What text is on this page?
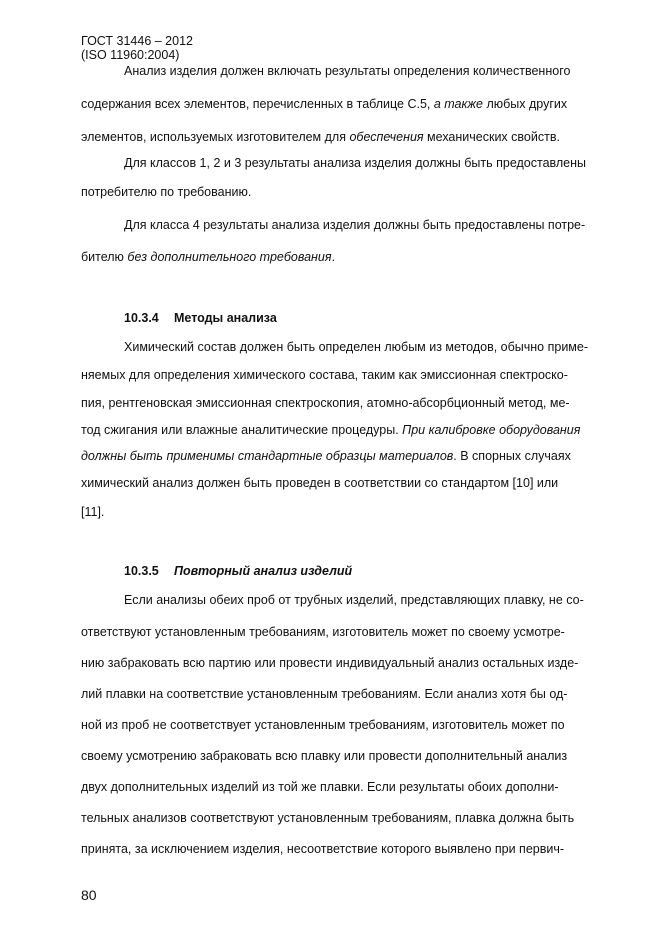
ГОСТ 31446 – 2012
(ISO 11960:2004)
Анализ изделия должен включать результаты определения количественного
содержания всех элементов, перечисленных в таблице С.5, а также любых других
элементов, используемых изготовителем для обеспечения механических свойств.
Для классов 1, 2 и 3 результаты анализа изделия должны быть предоставлены
потребителю по требованию.
Для класса 4 результаты анализа изделия должны быть предоставлены потре-
бителю без дополнительного требования.
10.3.4 Методы анализа
Химический состав должен быть определен любым из методов, обычно приме-
няемых для определения химического состава, таким как эмиссионная спектроско-
пия, рентгеновская эмиссионная спектроскопия, атомно-абсорбционный метод, ме-
тод сжигания или влажные аналитические процедуры. При калибровке оборудования
должны быть применимы стандартные образцы материалов. В спорных случаях
химический анализ должен быть проведен в соответствии со стандартом [10] или
[11].
10.3.5 Повторный анализ изделий
Если анализы обеих проб от трубных изделий, представляющих плавку, не со-
ответствуют установленным требованиям, изготовитель может по своему усмотре-
нию забраковать всю партию или провести индивидуальный анализ остальных изде-
лий плавки на соответствие установленным требованиям. Если анализ хотя бы од-
ной из проб не соответствует установленным требованиям, изготовитель может по
своему усмотрению забраковать всю плавку или провести дополнительный анализ
двух дополнительных изделий из той же плавки. Если результаты обоих дополни-
тельных анализов соответствуют установленным требованиям, плавка должна быть
принята, за исключением изделия, несоответствие которого выявлено при первич-
80
